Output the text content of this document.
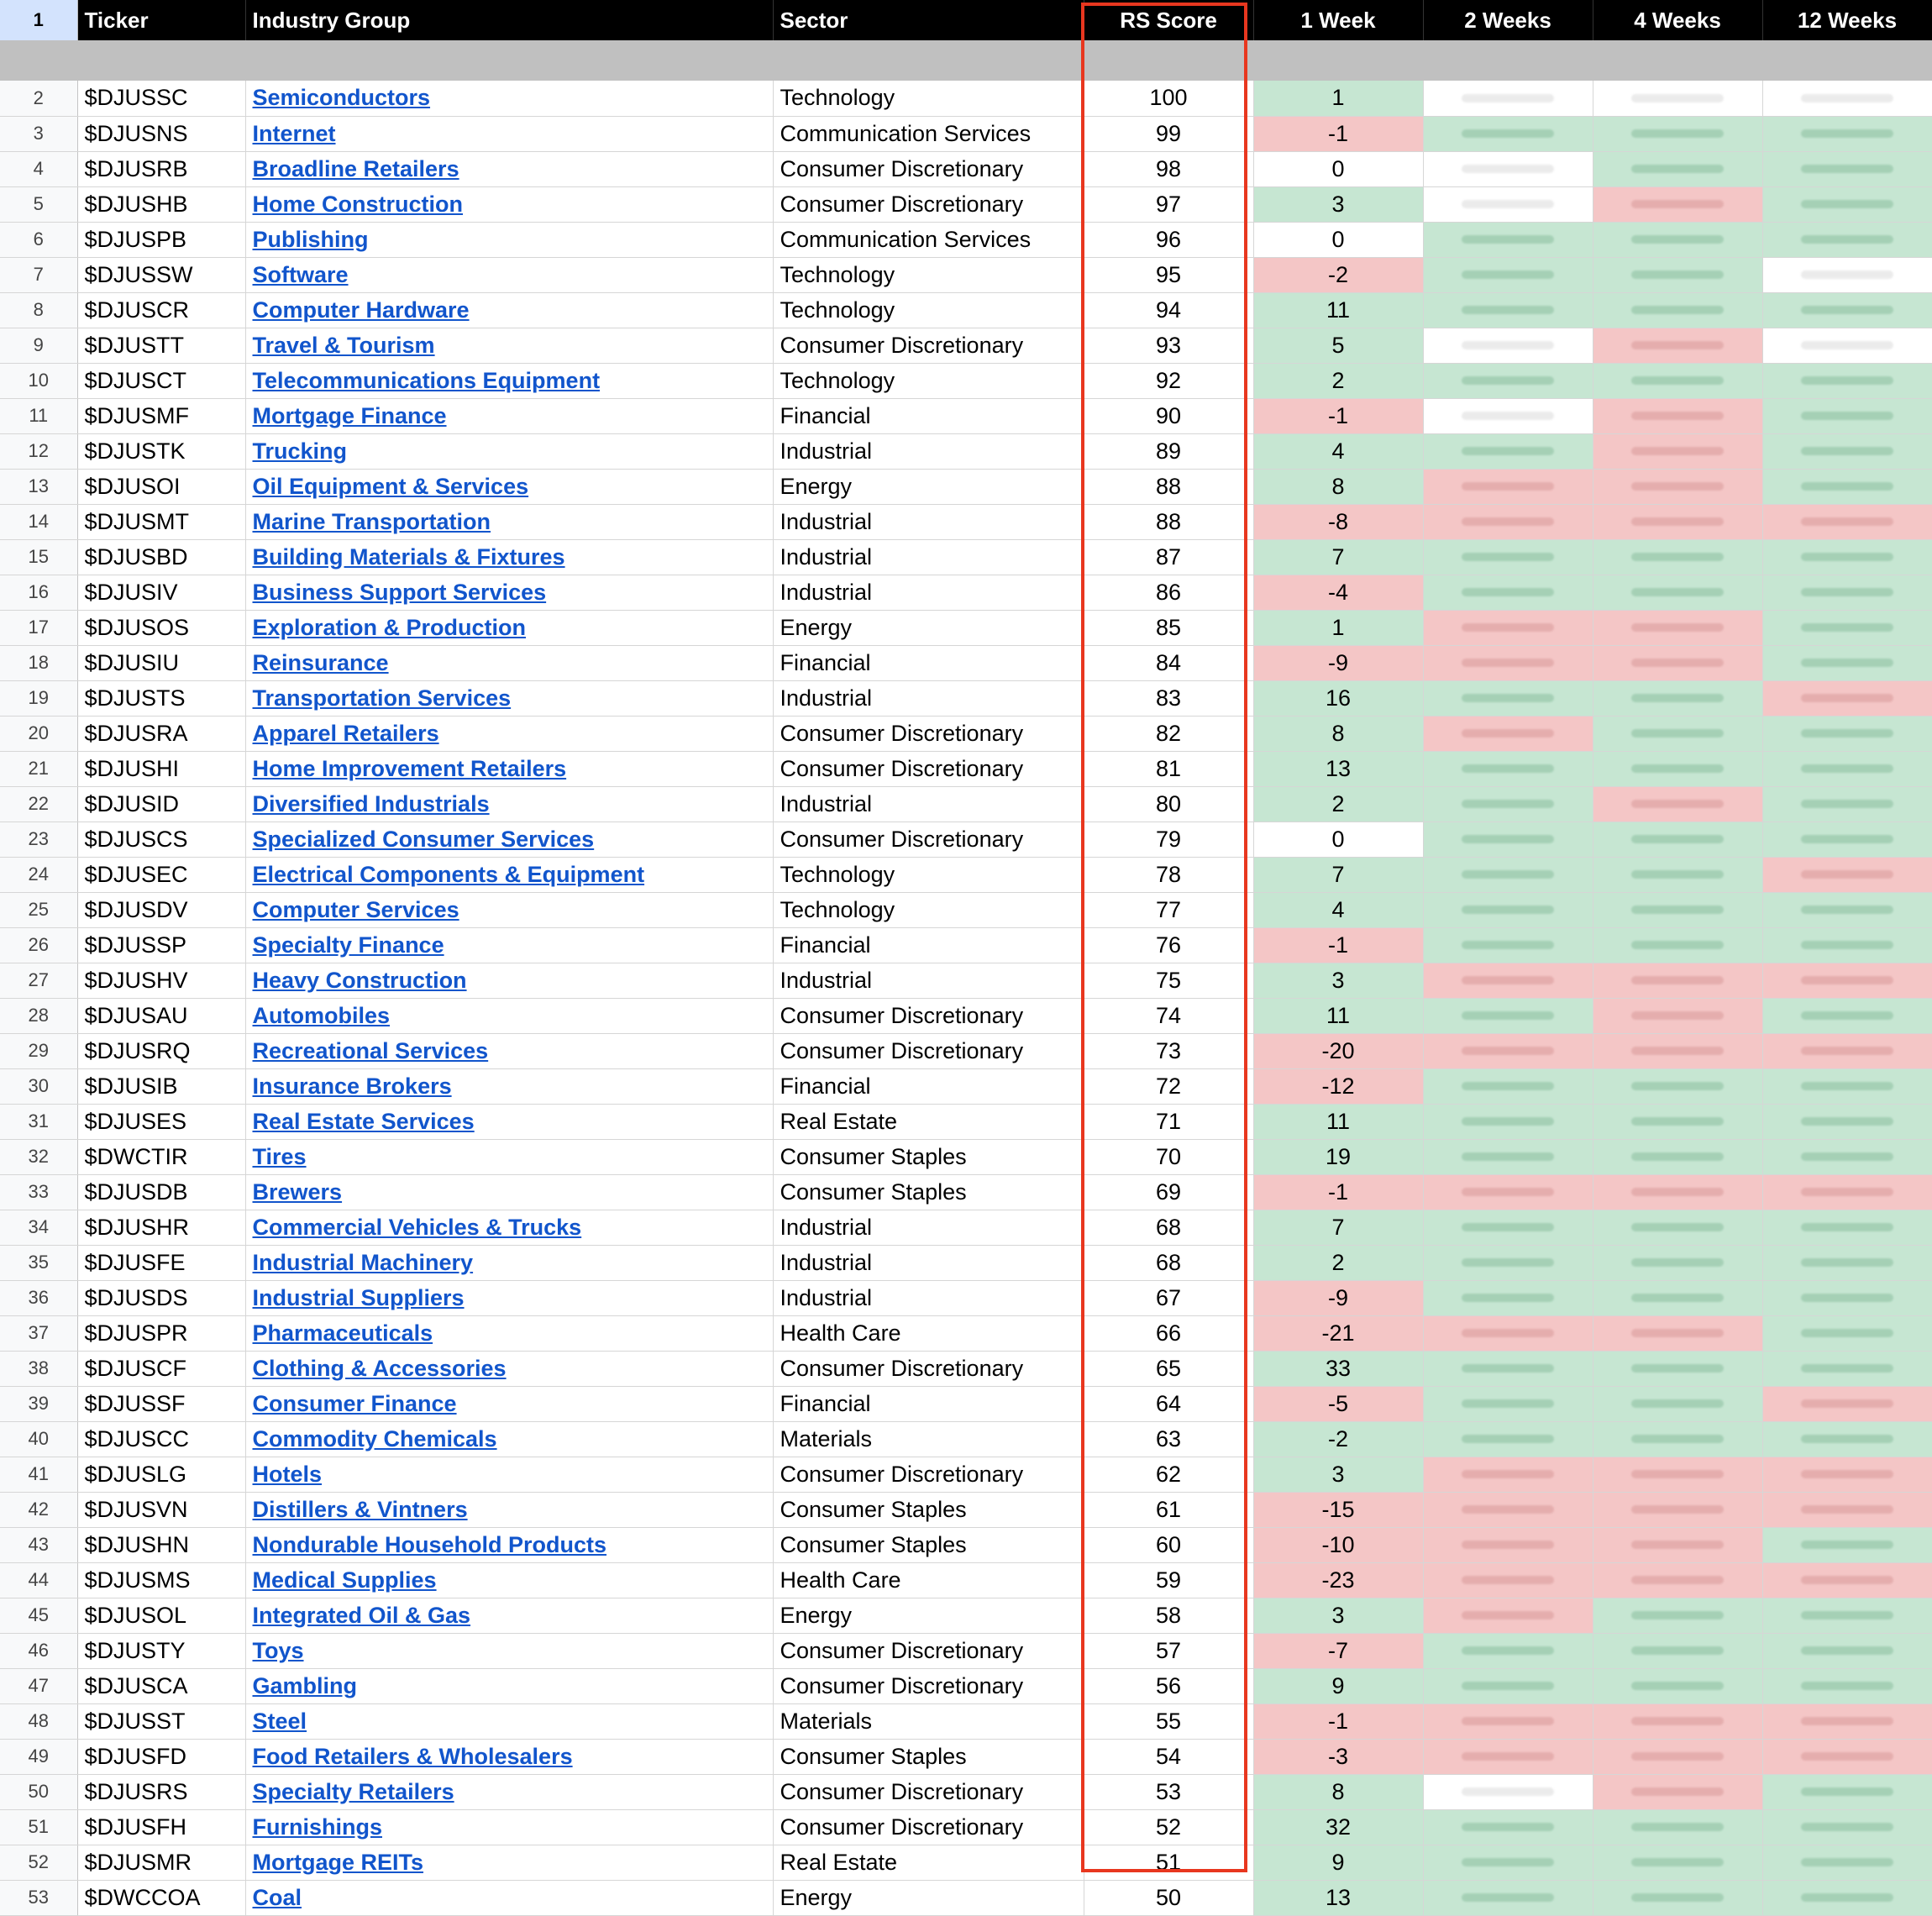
1	Ticker	Industry Group	Sector	RS Score	1 Week	2 Weeks	4 Weeks	12 Weeks

2	$DJUSSC	Semiconductors	Technology	100	1	

3	$DJUSNS	Internet	Communication Services	99	-1	

4	$DJUSRB	Broadline Retailers	Consumer Discretionary	98	0	

5	$DJUSHB	Home Construction	Consumer Discretionary	97	3	

6	$DJUSPB	Publishing	Communication Services	96	0	

7	$DJUSSW	Software	Technology	95	-2	

8	$DJUSCR	Computer Hardware	Technology	94	11	

9	$DJUSTT	Travel & Tourism	Consumer Discretionary	93	5	

10	$DJUSCT	Telecommunications Equipment	Technology	92	2	

11	$DJUSMF	Mortgage Finance	Financial	90	-1	

12	$DJUSTK	Trucking	Industrial	89	4	

13	$DJUSOI	Oil Equipment & Services	Energy	88	8	

14	$DJUSMT	Marine Transportation	Industrial	88	-8	

15	$DJUSBD	Building Materials & Fixtures	Industrial	87	7	

16	$DJUSIV	Business Support Services	Industrial	86	-4	

17	$DJUSOS	Exploration & Production	Energy	85	1	

18	$DJUSIU	Reinsurance	Financial	84	-9	

19	$DJUSTS	Transportation Services	Industrial	83	16	

20	$DJUSRA	Apparel Retailers	Consumer Discretionary	82	8	

21	$DJUSHI	Home Improvement Retailers	Consumer Discretionary	81	13	

22	$DJUSID	Diversified Industrials	Industrial	80	2	

23	$DJUSCS	Specialized Consumer Services	Consumer Discretionary	79	0	

24	$DJUSEC	Electrical Components & Equipment	Technology	78	7	

25	$DJUSDV	Computer Services	Technology	77	4	

26	$DJUSSP	Specialty Finance	Financial	76	-1	

27	$DJUSHV	Heavy Construction	Industrial	75	3	

28	$DJUSAU	Automobiles	Consumer Discretionary	74	11	

29	$DJUSRQ	Recreational Services	Consumer Discretionary	73	-20	

30	$DJUSIB	Insurance Brokers	Financial	72	-12	

31	$DJUSES	Real Estate Services	Real Estate	71	11	

32	$DWCTIR	Tires	Consumer Staples	70	19	

33	$DJUSDB	Brewers	Consumer Staples	69	-1	

34	$DJUSHR	Commercial Vehicles & Trucks	Industrial	68	7	

35	$DJUSFE	Industrial Machinery	Industrial	68	2	

36	$DJUSDS	Industrial Suppliers	Industrial	67	-9	

37	$DJUSPR	Pharmaceuticals	Health Care	66	-21	

38	$DJUSCF	Clothing & Accessories	Consumer Discretionary	65	33	

39	$DJUSSF	Consumer Finance	Financial	64	-5	

40	$DJUSCC	Commodity Chemicals	Materials	63	-2	

41	$DJUSLG	Hotels	Consumer Discretionary	62	3	

42	$DJUSVN	Distillers & Vintners	Consumer Staples	61	-15	

43	$DJUSHN	Nondurable Household Products	Consumer Staples	60	-10	

44	$DJUSMS	Medical Supplies	Health Care	59	-23	

45	$DJUSOL	Integrated Oil & Gas	Energy	58	3	

46	$DJUSTY	Toys	Consumer Discretionary	57	-7	

47	$DJUSCA	Gambling	Consumer Discretionary	56	9	

48	$DJUSST	Steel	Materials	55	-1	

49	$DJUSFD	Food Retailers & Wholesalers	Consumer Staples	54	-3	

50	$DJUSRS	Specialty Retailers	Consumer Discretionary	53	8	

51	$DJUSFH	Furnishings	Consumer Discretionary	52	32	

52	$DJUSMR	Mortgage REITs	Real Estate	51	9	

53	$DWCCOA	Coal	Energy	50	13	
